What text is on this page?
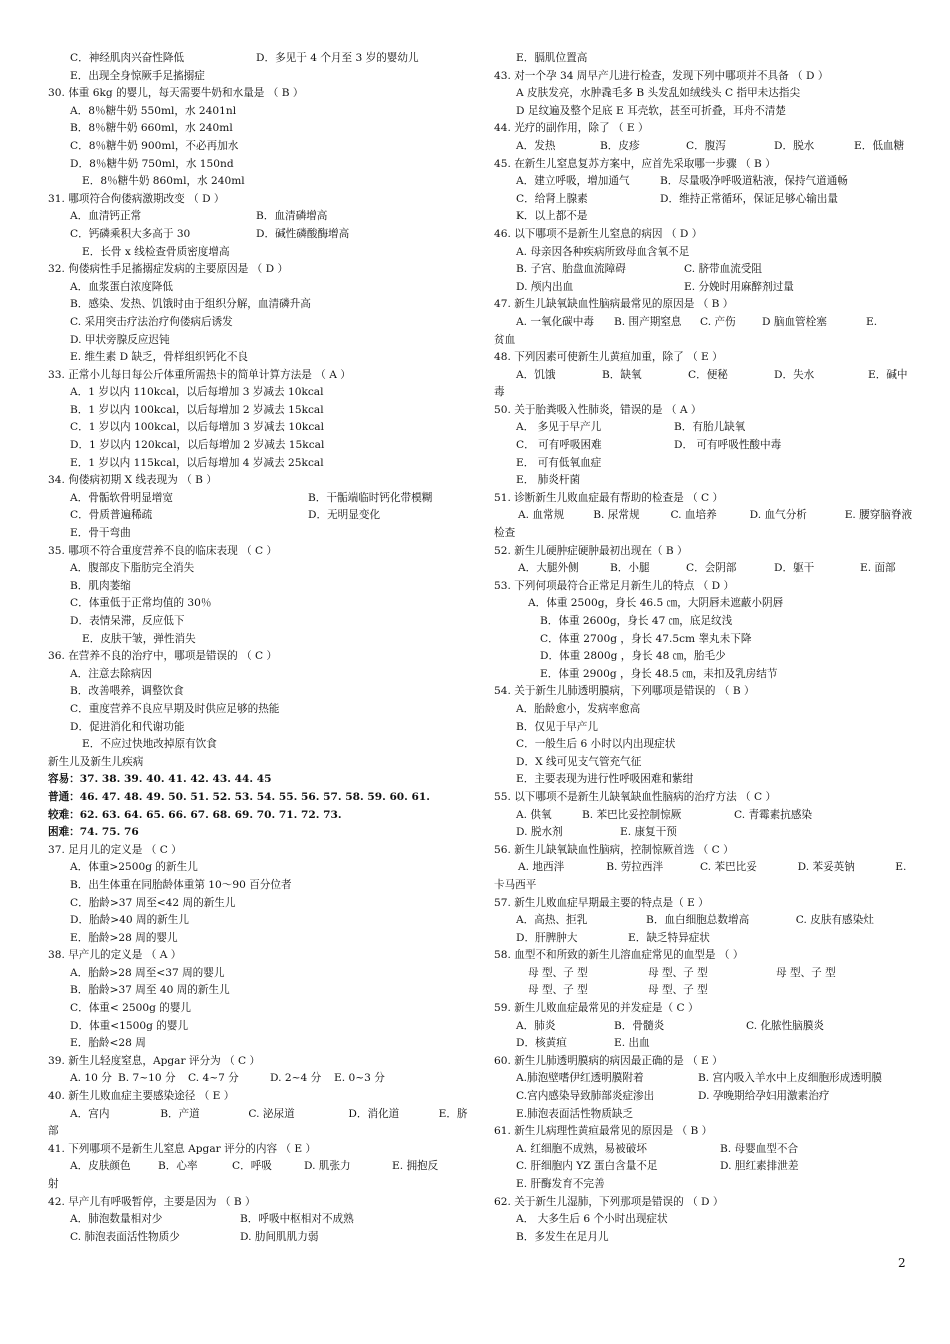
C．神经肌肉兴奋性降低	D．多见于 4 个月至 3 岁的婴幼儿
E．出现全身惊厥手足搐搦症
30. 体重 6kg 的婴儿，每天需要牛奶和水量是 （ B ）
A．8％糖牛奶 550ml，水 2401nl
B．8％糖牛奶 660ml，水 240ml
C．8％糖牛奶 900ml，不必再加水
D．8％糖牛奶 750ml，水 150nd
E．8％糖牛奶 860ml，水 240ml
31. 哪项符合佝偻病激期改变 （ D ）
A．血清钙正常	B．血清磷增高
C．钙磷乘积大多高于 30	D．碱性磷酸酶增高
E．长骨 x 线检查骨质密度增高
32. 佝偻病性手足搐搦症发病的主要原因是 （ D ）
A．血浆蛋白浓度降低
B．感染、发热、饥饿时由于组织分解，血清磷升高
C. 采用突击疗法治疗佝偻病后诱发
D. 甲状旁腺反应迟钝
E. 维生素 D 缺乏，骨样组织钙化不良
33. 正常小儿每日每公斤体重所需热卡的简单计算方法是 （ A ）
A．1 岁以内 110kcal，以后每增加 3 岁减去 10kcal
B．1 岁以内 100kcal，以后每增加 2 岁减去 15kcal
C．1 岁以内 100kcal，以后每增加 3 岁减去 10kcal
D．1 岁以内 120kcal，以后每增加 2 岁减去 15kcal
E．1 岁以内 115kcal，以后每增加 4 岁减去 25kcal
34. 佝偻病初期 X 线表现为 （ B ）
A．骨骺软骨明显增宽	B．干骺端临时钙化带模糊
C．骨质普遍稀疏	D．无明显变化
E．骨干弯曲
35. 哪项不符合重度营养不良的临床表现 （ C ）
A．腹部皮下脂肪完全消失
B．肌肉萎缩
C．体重低于正常均值的 30％
D．表情呆滞，反应低下
E．皮肤干皱，弹性消失
36. 在营养不良的治疗中，哪项是错误的 （ C ）
A．注意去除病因
B．改善喂养，调整饮食
C．重度营养不良应早期及时供应足够的热能
D．促进消化和代谢功能
E．不应过快地改掉原有饮食
新生儿及新生儿疾病
容易：37. 38. 39. 40. 41. 42. 43. 44. 45
普通：46. 47. 48. 49. 50. 51. 52. 53. 54. 55. 56. 57. 58. 59. 60. 61.
较难：62. 63. 64. 65. 66. 67. 68. 69. 70. 71. 72. 73.
困难：74. 75. 76
37. 足月儿的定义是 （ C ）
A．体重>2500g 的新生儿
B．出生体重在同胎龄体重第 10～90 百分位者
C．胎龄>37 周至<42 周的新生儿
D．胎龄>40 周的新生儿
E．胎龄>28 周的婴儿
38. 早产儿的定义是 （ A ）
A．胎龄>28 周至<37 周的婴儿
B．胎龄>37 周至 40 周的新生儿
C．体重< 2500g 的婴儿
D．体重<1500g 的婴儿
E．胎龄<28 周
39. 新生儿轻度窒息，Apgar 评分为 （ C ）
A. 10 分 B. 7~10 分	C. 4~7 分	D. 2~4 分	E. 0~3 分
40. 新生儿败血症主要感染途径 （ E ）
A．宫内	B．产道	C. 泌尿道	D．消化道	E．脐
部
41. 下列哪项不是新生儿窒息 Apgar 评分的内容 （ E ）
A．皮肤颜色	B．心率	C．呼吸	D. 肌张力	E. 拥抱反
射
42. 早产儿有呼吸暂停，主要是因为 （ B ）
A．肺泡数量相对少	B．呼吸中枢相对不成熟
C. 肺泡表面活性物质少	D. 肋间肌肌力弱
E．膈肌位置高
43. 对一个孕 34 周早产儿进行检查，发现下列中哪项并不具备 （ D ）
A 皮肤发亮，水肿毳毛多 B 头发乱如绒线头 C 指甲未达指尖
D 足纹遍及整个足底 E 耳壳软，甚至可折叠，耳舟不清楚
44. 光疗的副作用，除了 （ E ）
A．发热	B．皮疹	C．腹泻	D．脱水	E．低血糖
45. 在新生儿窒息复苏方案中，应首先采取哪一步骤 （ B ）
A．建立呼吸，增加通气	B．尽量吸净呼吸道粘液，保持气道通畅
C．给肾上腺素	D．维持正常循环，保证足够心输出量
K．以上都不是
46. 以下哪项不是新生儿窒息的病因 （ D ）
A. 母亲因各种疾病所致母血含氧不足
B. 子宫、胎盘血流障碍	C. 脐带血流受阻
D. 颅内出血	E. 分娩时用麻醉剂过量
47. 新生儿缺氧缺血性脑病最常见的原因是 （ B ）
A. 一氧化碳中毒	B. 围产期窒息	C. 产伤	D 脑血管栓塞	E.
贫血
48. 下列因素可使新生儿黄疸加重，除了 （ E ）
A．饥饿	B．缺氧	C．便秘	D．失水	E．碱中
毒
50. 关于胎粪吸入性肺炎，错误的是 （ A ）
A． 多见于早产儿	B．有胎儿缺氧
C． 可有呼吸困难	D． 可有呼吸性酸中毒
E． 可有低氧血症
E． 肺炎杆菌
51. 诊断新生儿败血症最有帮助的检查是 （ C ）
A. 血常规	B. 尿常规	C. 血培养	D. 血气分析	E. 腰穿脑脊液
检查
52. 新生儿硬肿症硬肿最初出现在（ B ）
A．大腿外侧	B．小腿	C．会阴部	D．躯干	E. 面部
53. 下列何项最符合正常足月新生儿的特点 （ D ）
A．体重 2500g，身长 46.5 ㎝，大阴唇未遮蔽小阴唇
B．体重 2600g，身长 47 ㎝，底足纹浅
C．体重 2700g ，身长 47.5cm 睾丸未下降
D．体重 2800g ，身长 48 ㎝，胎毛少
E．体重 2900g ，身长 48.5 ㎝，耒扣及乳房结节
54. 关于新生儿肺透明膜病，下列哪项是错误的 （ B ）
A．胎龄愈小，发病率愈高
B．仅见于早产儿
C．一般生后 6 小时以内出现症状
D．X 线可见支气管充气征
E．主要表现为进行性呼吸困难和紫绀
55. 以下哪项不是新生儿缺氧缺血性脑病的治疗方法 （ C ）
A. 供氧	B. 苯巴比妥控制惊厥	C. 青霉素抗感染
D. 脱水剂	E. 康复干预
56. 新生儿缺氧缺血性脑病，控制惊厥首选 （ C ）
A. 地西泮	B. 劳拉西泮	C. 苯巴比妥	D. 苯妥英钠	E.
卡马西平
57. 新生儿败血症早期最主要的特点是（ E ）
A．高热、拒乳	B．血白细胞总数增高	C. 皮肤有感染灶
D．肝脾肿大	E．缺乏特异症状
58. 血型不和所致的新生儿溶血症常见的血型是 （ ）
母 型、子 型	母 型、子 型	母 型、子 型
母 型、子 型	母 型、子 型
59. 新生儿败血症最常见的并发症是（ C ）
A．肺炎	B．骨髓炎	C. 化脓性脑膜炎
D．核黄疸	E. 出血
60. 新生儿肺透明膜病的病因最正确的是 （ E ）
A.肺泡壁嗜伊红透明膜附着	B. 宫内吸入羊水中上皮细胞形成透明膜
C.宫内感染导致肺部炎症渗出	D. 孕晚期给孕妇用激素治疗
E.肺泡表面活性物质缺乏
61. 新生儿病理性黄疸最常见的原因是 （ B ）
A. 红细胞不成熟，易被破坏	B. 母婴血型不合
C. 肝细胞内 YZ 蛋白含量不足	D. 胆红素排泄差
E. 肝酶发育不完善
62. 关于新生儿湿肺，下列那项是错误的 （ D ）
A． 大多生后 6 个小时出现症状
B．多发生在足月儿
2
